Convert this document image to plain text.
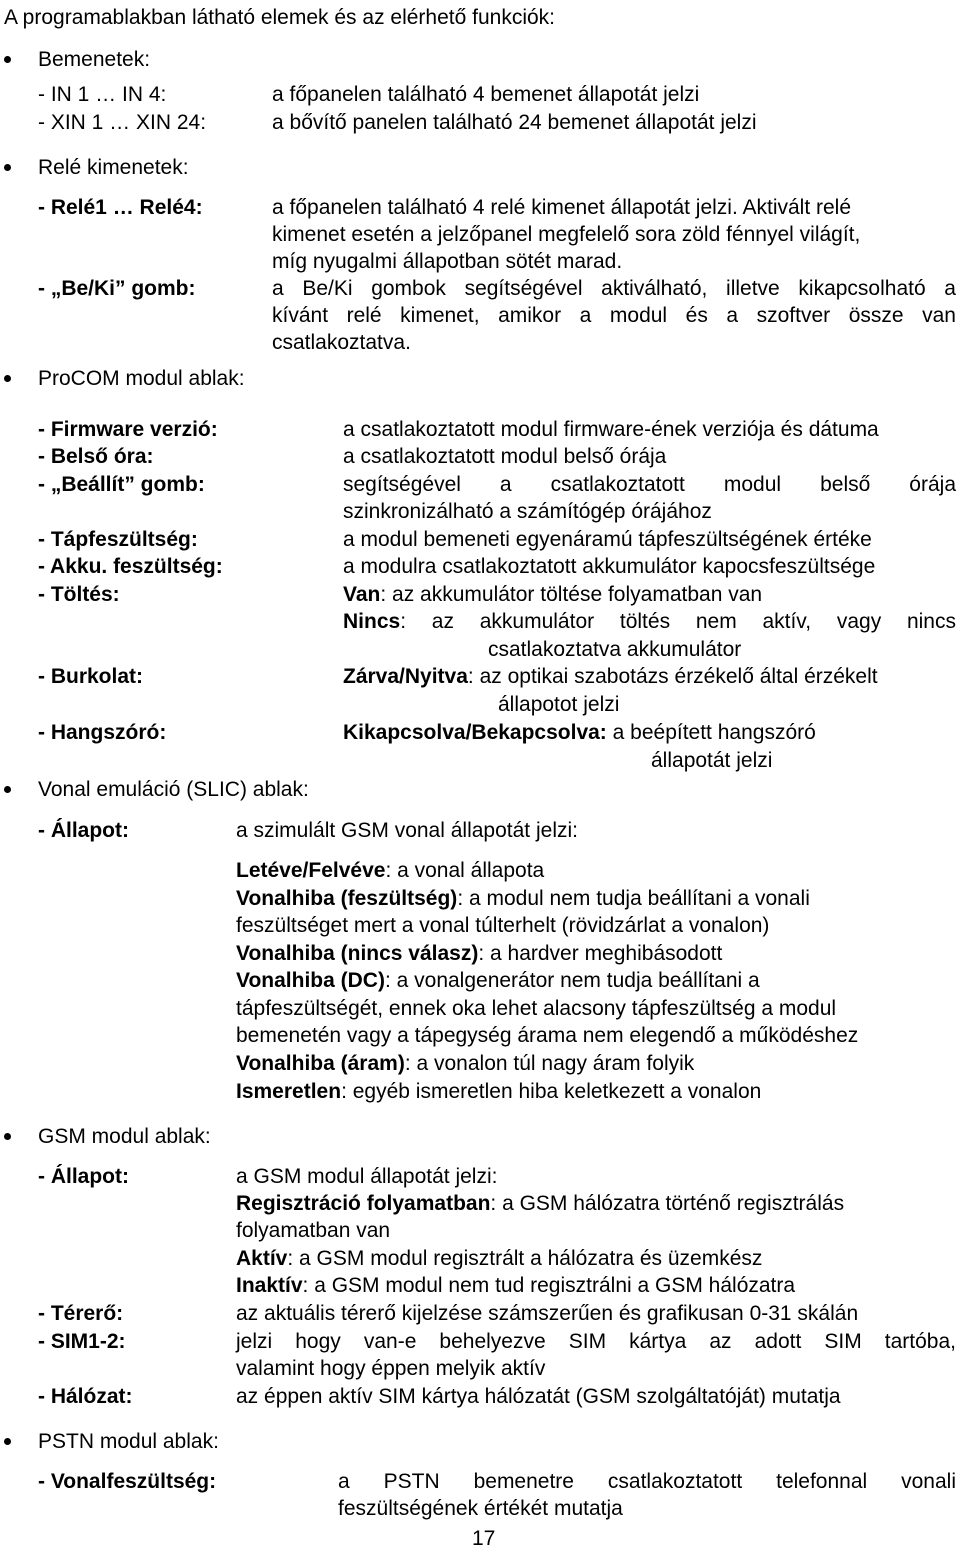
A programablakban látható elemek és az elérhető funkciók:
Bemenetek:
- IN 1 … IN 4:	a főpanelen található 4 bemenet állapotát jelzi
- XIN 1 … XIN 24:	a bővítő panelen található 24 bemenet állapotát jelzi
Relé kimenetek:
- Relé1 … Relé4:	a főpanelen található 4 relé kimenet állapotát jelzi. Aktivált relé
kimenet esetén a jelzőpanel megfelelő sora zöld fénnyel világít,
míg nyugalmi állapotban sötét marad.
- „Be/Ki” gomb:	a Be/Ki gombok segítségével aktiválható, illetve kikapcsolható a
kívánt relé kimenet, amikor a modul és a szoftver össze van
csatlakoztatva.
ProCOM modul ablak:
- Firmware verzió:	a csatlakoztatott modul firmware-ének verziója és dátuma
- Belső óra:	a csatlakoztatott modul belső órája
- „Beállít” gomb:	segítségével a csatlakoztatott modul belső órája
szinkronizálható a számítógép órájához
- Tápfeszültség:	a modul bemeneti egyenáramú tápfeszültségének értéke
- Akku. feszültség:	a modulra csatlakoztatott akkumulátor kapocsfeszültsége
- Töltés:	Van: az akkumulátor töltése folyamatban van
Nincs: az akkumulátor töltés nem aktív, vagy nincs
csatlakoztatva akkumulátor
- Burkolat:	Zárva/Nyitva: az optikai szabotázs érzékelő által érzékelt
állapotot jelzi
- Hangszóró:	Kikapcsolva/Bekapcsolva: a beépített hangszóró
állapotát jelzi
Vonal emuláció (SLIC) ablak:
- Állapot:	a szimulált GSM vonal állapotát jelzi:
Letéve/Felvéve: a vonal állapota
Vonalhiba (feszültség): a modul nem tudja beállítani a vonali
feszültséget mert a vonal túlterhelt (rövidzárlat a vonalon)
Vonalhiba (nincs válasz): a hardver meghibásodott
Vonalhiba (DC): a vonalgenerátor nem tudja beállítani a
tápfeszültségét, ennek oka lehet alacsony tápfeszültség a modul
bemenetén vagy a tápegység árama nem elegendő a működéshez
Vonalhiba (áram): a vonalon túl nagy áram folyik
Ismeretlen: egyéb ismeretlen hiba keletkezett a vonalon
GSM modul ablak:
- Állapot:	a GSM modul állapotát jelzi:
Regisztráció folyamatban: a GSM hálózatra történő regisztrálás
folyamatban van
Aktív: a GSM modul regisztrált a hálózatra és üzemkész
Inaktív: a GSM modul nem tud regisztrálni a GSM hálózatra
- Térerő:	az aktuális térerő kijelzése számszerűen és grafikusan 0-31 skálán
- SIM1-2:	jelzi hogy van-e behelyezve SIM kártya az adott SIM tartóba,
valamint hogy éppen melyik aktív
- Hálózat:	az éppen aktív SIM kártya hálózatát (GSM szolgáltatóját) mutatja
PSTN modul ablak:
- Vonalfeszültség:	a PSTN bemenetre csatlakoztatott telefonnal vonali
feszültségének értékét mutatja
17
